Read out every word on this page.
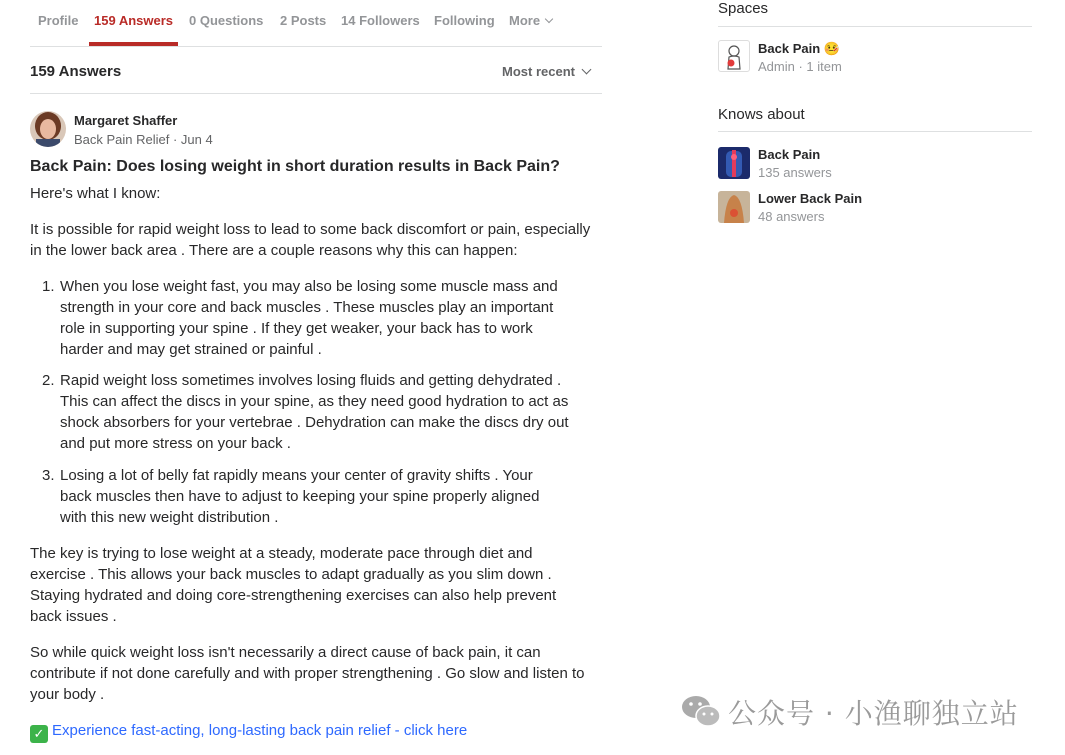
Profile 159 Answers 0 Questions 2 Posts 14 Followers Following More
159 Answers	Most recent
Margaret Shaffer
Back Pain Relief · Jun 4
Back Pain: Does losing weight in short duration results in Back Pain?

Here's what I know:

It is possible for rapid weight loss to lead to some back discomfort or pain, especially in the lower back area . There are a couple reasons why this can happen:

1. When you lose weight fast, you may also be losing some muscle mass and strength in your core and back muscles . These muscles play an important role in supporting your spine . If they get weaker, your back has to work harder and may get strained or painful .
2. Rapid weight loss sometimes involves losing fluids and getting dehydrated . This can affect the discs in your spine, as they need good hydration to act as shock absorbers for your vertebrae . Dehydration can make the discs dry out and put more stress on your back .
3. Losing a lot of belly fat rapidly means your center of gravity shifts . Your back muscles then have to adjust to keeping your spine properly aligned with this new weight distribution .

The key is trying to lose weight at a steady, moderate pace through diet and exercise . This allows your back muscles to adapt gradually as you slim down . Staying hydrated and doing core-strengthening exercises can also help prevent back issues .

So while quick weight loss isn't necessarily a direct cause of back pain, it can contribute if not done carefully and with proper strengthening . Go slow and listen to your body .

✓ Experience fast-acting, long-lasting back pain relief - click here
Spaces
Back Pain 🤒
Admin · 1 item
Knows about
Back Pain
135 answers
Lower Back Pain
48 answers
公众号 · 小渔聊独立站
